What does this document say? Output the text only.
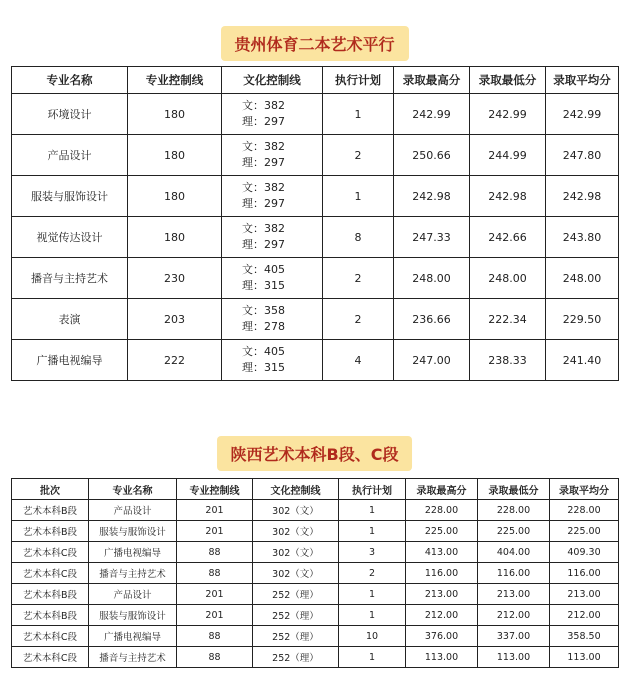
贵州体育二本艺术平行
专业名称	专业控制线	文化控制线	执行计划	录取最高分	录取最低分	录取平均分
环境设计	180	文：382
理：297	1	242.99	242.99	242.99
产品设计	180	文：382
理：297	2	250.66	244.99	247.80
服装与服饰设计	180	文：382
理：297	1	242.98	242.98	242.98
视觉传达设计	180	文：382
理：297	8	247.33	242.66	243.80
播音与主持艺术	230	文：405
理：315	2	248.00	248.00	248.00
表演	203	文：358
理：278	2	236.66	222.34	229.50
广播电视编导	222	文：405
理：315	4	247.00	238.33	241.40
陕西艺术本科B段、C段
批次	专业名称	专业控制线	文化控制线	执行计划	录取最高分	录取最低分	录取平均分
艺术本科B段	产品设计	201	302（文）	1	228.00	228.00	228.00
艺术本科B段	服装与服饰设计	201	302（文）	1	225.00	225.00	225.00
艺术本科C段	广播电视编导	88	302（文）	3	413.00	404.00	409.30
艺术本科C段	播音与主持艺术	88	302（文）	2	116.00	116.00	116.00
艺术本科B段	产品设计	201	252（理）	1	213.00	213.00	213.00
艺术本科B段	服装与服饰设计	201	252（理）	1	212.00	212.00	212.00
艺术本科C段	广播电视编导	88	252（理）	10	376.00	337.00	358.50
艺术本科C段	播音与主持艺术	88	252（理）	1	113.00	113.00	113.00
